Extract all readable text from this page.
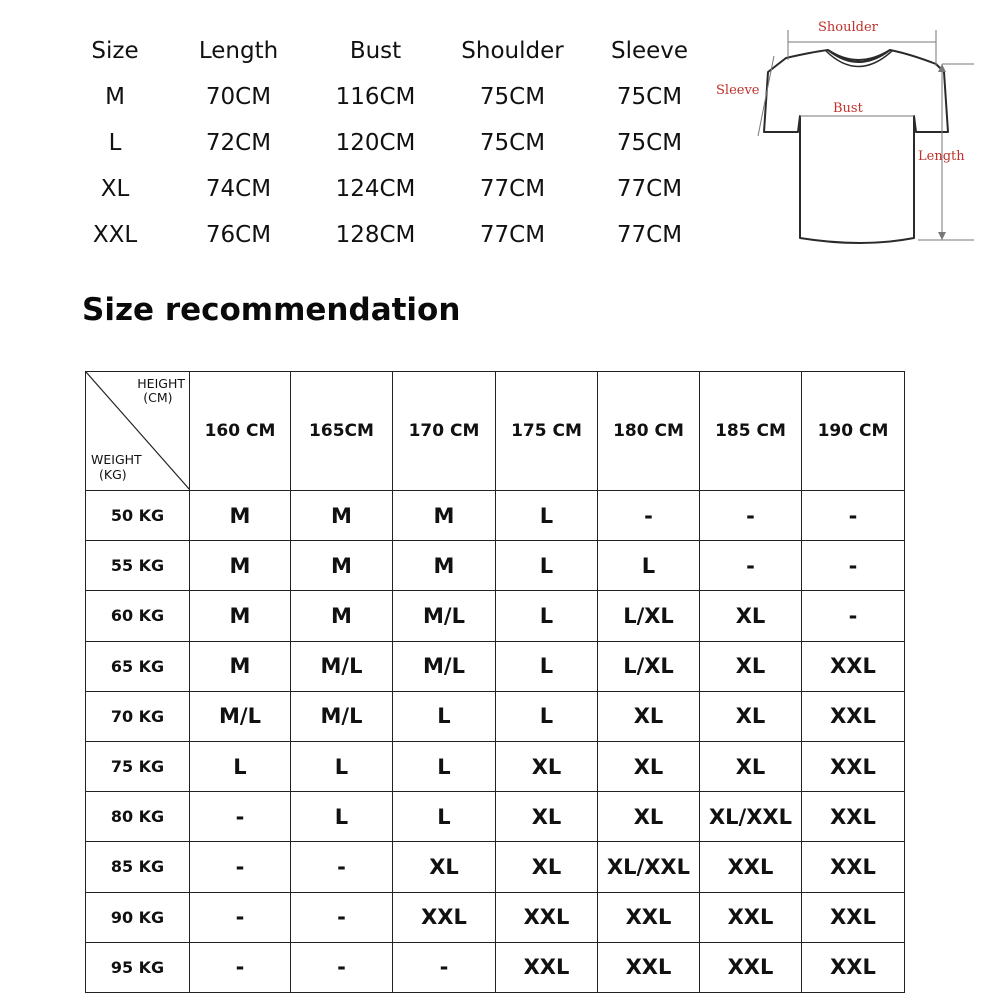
Size	Length	Bust	Shoulder	Sleeve
M	70CM	116CM	75CM	75CM
L	72CM	120CM	75CM	75CM
XL	74CM	124CM	77CM	77CM
XXL	76CM	128CM	77CM	77CM
Shoulder
Sleeve
Bust
Length
Size recommendation
HEIGHT
(CM)
WEIGHT
(KG)	160 CM	165CM	170 CM	175 CM	180 CM	185 CM	190 CM
50 KG	M	M	M	L	-	-	-
55 KG	M	M	M	L	L	-	-
60 KG	M	M	M/L	L	L/XL	XL	-
65 KG	M	M/L	M/L	L	L/XL	XL	XXL
70 KG	M/L	M/L	L	L	XL	XL	XXL
75 KG	L	L	L	XL	XL	XL	XXL
80 KG	-	L	L	XL	XL	XL/XXL	XXL
85 KG	-	-	XL	XL	XL/XXL	XXL	XXL
90 KG	-	-	XXL	XXL	XXL	XXL	XXL
95 KG	-	-	-	XXL	XXL	XXL	XXL
